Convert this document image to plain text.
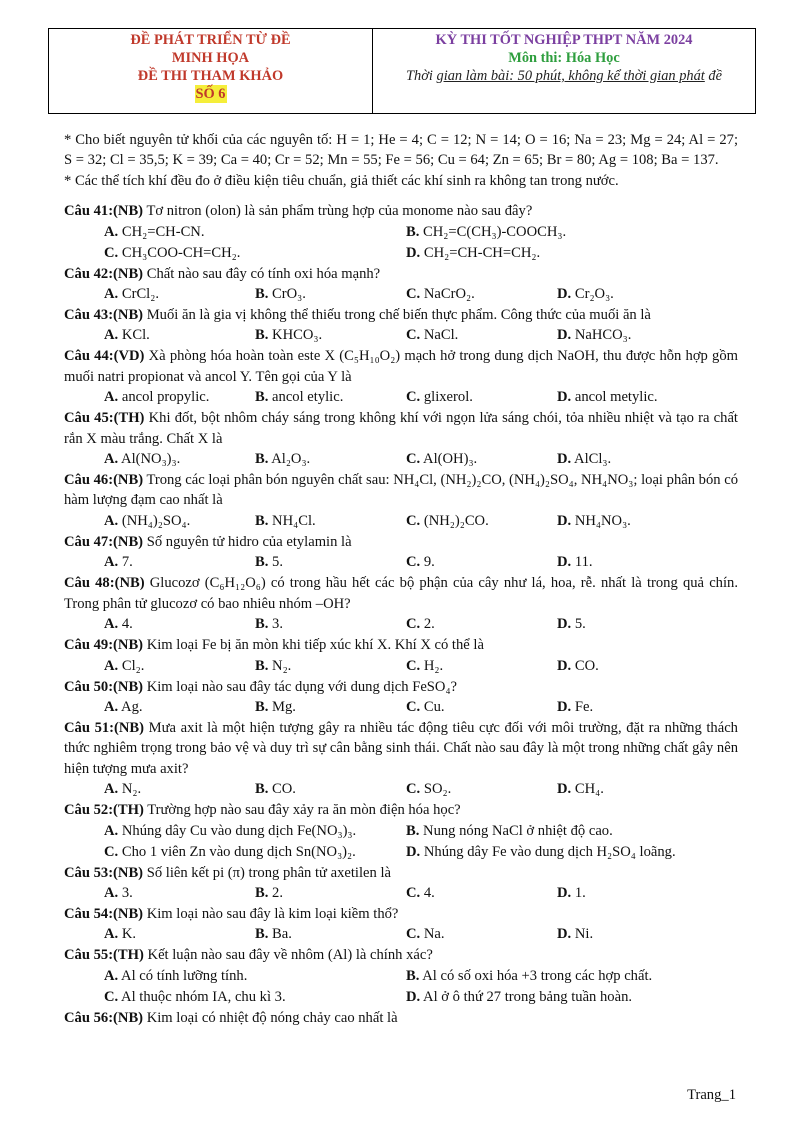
ĐỀ PHÁT TRIỂN TỪ ĐỀ
MINH HỌA
ĐỀ THI THAM KHẢO
SỐ 6
KỲ THI TỐT NGHIỆP THPT NĂM 2024
Môn thi: Hóa Học
Thời gian làm bài: 50 phút, không kể thời gian phát đề
* Cho biết nguyên tử khối của các nguyên tố: H = 1; He = 4; C = 12; N = 14; O = 16; Na = 23; Mg = 24; Al = 27; S = 32; Cl = 35,5; K = 39; Ca = 40; Cr = 52; Mn = 55; Fe = 56; Cu = 64; Zn = 65; Br = 80; Ag = 108; Ba = 137.
* Các thể tích khí đều đo ở điều kiện tiêu chuẩn, giả thiết các khí sinh ra không tan trong nước.
Câu 41:(NB) Tơ nitron (olon) là sản phẩm trùng hợp của monome nào sau đây?
A. CH₂=CH-CN.	B. CH₂=C(CH₃)-COOCH₃.
C. CH₃COO-CH=CH₂.	D. CH₂=CH-CH=CH₂.
Câu 42:(NB) Chất nào sau đây có tính oxi hóa mạnh?
A. CrCl₂.	B. CrO₃.	C. NaCrO₂.	D. Cr₂O₃.
Câu 43:(NB) Muối ăn là gia vị không thể thiếu trong chế biến thực phẩm. Công thức của muối ăn là
A. KCl.	B. KHCO₃.	C. NaCl.	D. NaHCO₃.
Câu 44:(VD) Xà phòng hóa hoàn toàn este X (C₅H₁₀O₂) mạch hở trong dung dịch NaOH, thu được hỗn hợp gồm muối natri propionat và ancol Y. Tên gọi của Y là
A. ancol propylic.	B. ancol etylic.	C. glixerol.	D. ancol metylic.
Câu 45:(TH) Khi đốt, bột nhôm cháy sáng trong không khí với ngọn lửa sáng chói, tỏa nhiều nhiệt và tạo ra chất rắn X màu trắng. Chất X là
A. Al(NO₃)₃.	B. Al₂O₃.	C. Al(OH)₃.	D. AlCl₃.
Câu 46:(NB) Trong các loại phân bón nguyên chất sau: NH₄Cl, (NH₂)₂CO, (NH₄)₂SO₄, NH₄NO₃; loại phân bón có hàm lượng đạm cao nhất là
A. (NH₄)₂SO₄.	B. NH₄Cl.	C. (NH₂)₂CO.	D. NH₄NO₃.
Câu 47:(NB) Số nguyên tử hidro của etylamin là
A. 7.	B. 5.	C. 9.	D. 11.
Câu 48:(NB) Glucozơ (C₆H₁₂O₆) có trong hầu hết các bộ phận của cây như lá, hoa, rễ. nhất là trong quả chín. Trong phân tử glucozơ có bao nhiêu nhóm –OH?
A. 4.	B. 3.	C. 2.	D. 5.
Câu 49:(NB) Kim loại Fe bị ăn mòn khi tiếp xúc khí X. Khí X có thể là
A. Cl₂.	B. N₂.	C. H₂.	D. CO.
Câu 50:(NB) Kim loại nào sau đây tác dụng với dung dịch FeSO₄?
A. Ag.	B. Mg.	C. Cu.	D. Fe.
Câu 51:(NB) Mưa axit là một hiện tượng gây ra nhiều tác động tiêu cực đối với môi trường, đặt ra những thách thức nghiêm trọng trong bảo vệ và duy trì sự cân bằng sinh thái. Chất nào sau đây là một trong những chất gây nên hiện tượng mưa axit?
A. N₂.	B. CO.	C. SO₂.	D. CH₄.
Câu 52:(TH) Trường hợp nào sau đây xảy ra ăn mòn điện hóa học?
A. Nhúng dây Cu vào dung dịch Fe(NO₃)₃.	B. Nung nóng NaCl ở nhiệt độ cao.
C. Cho 1 viên Zn vào dung dịch Sn(NO₃)₂.	D. Nhúng dây Fe vào dung dịch H₂SO₄ loãng.
Câu 53:(NB) Số liên kết pi (π) trong phân tử axetilen là
A. 3.	B. 2.	C. 4.	D. 1.
Câu 54:(NB) Kim loại nào sau đây là kim loại kiềm thổ?
A. K.	B. Ba.	C. Na.	D. Ni.
Câu 55:(TH) Kết luận nào sau đây về nhôm (Al) là chính xác?
A. Al có tính lưỡng tính.	B. Al có số oxi hóa +3 trong các hợp chất.
C. Al thuộc nhóm IA, chu kì 3.	D. Al ở ô thứ 27 trong bảng tuần hoàn.
Câu 56:(NB) Kim loại có nhiệt độ nóng chảy cao nhất là
Trang_1
